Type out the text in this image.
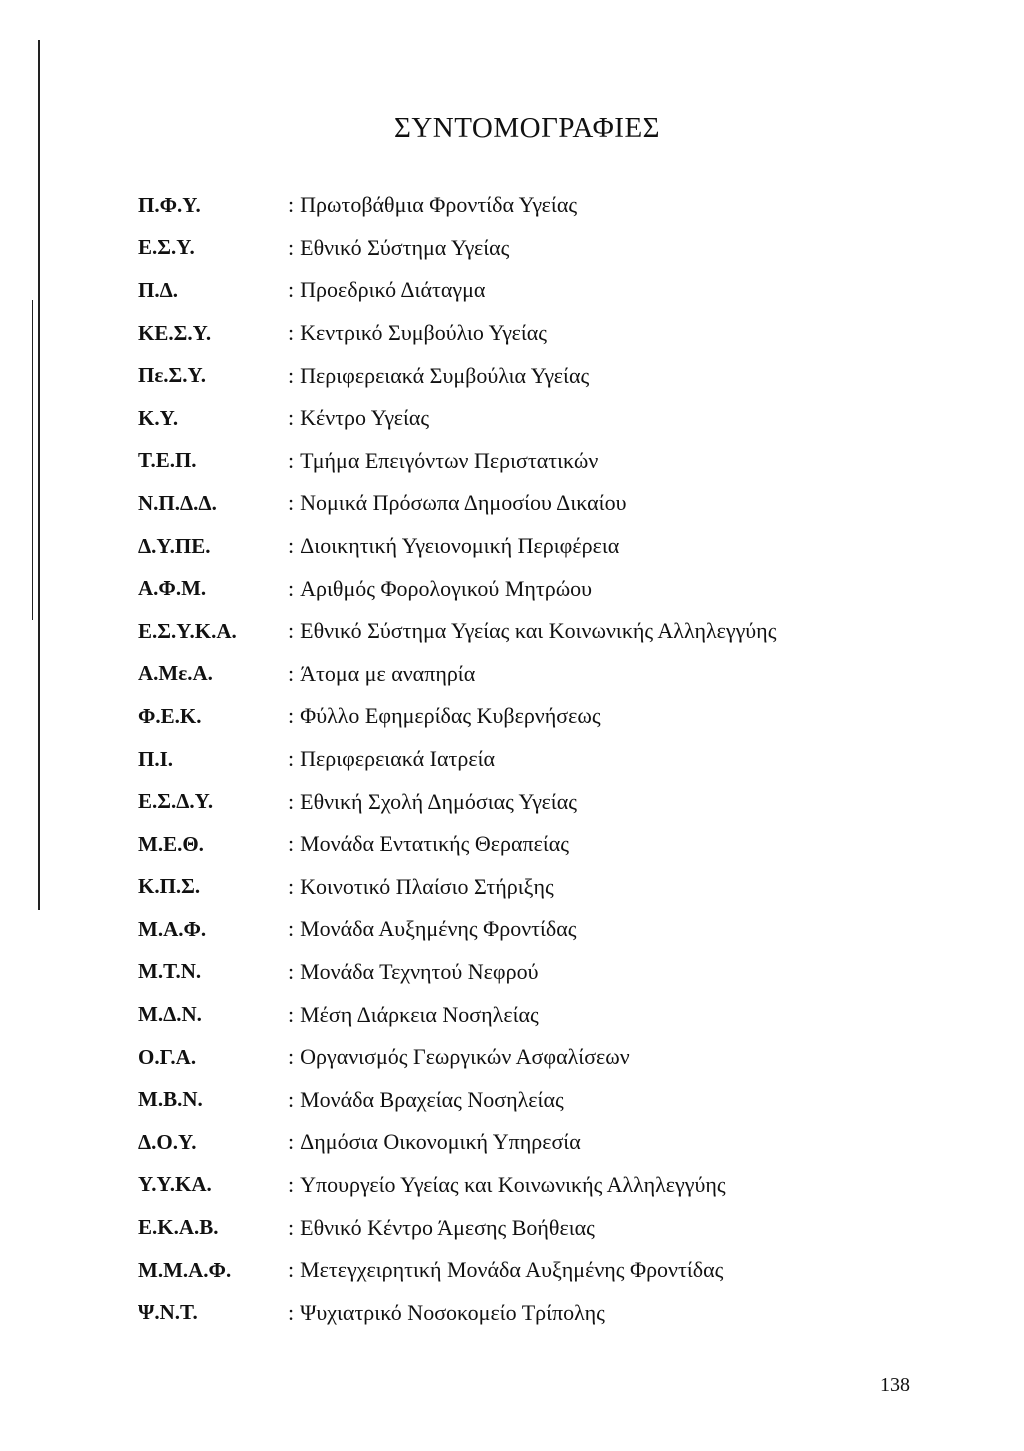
ΣΥΝΤΟΜΟΓΡΑΦΙΕΣ
Π.Φ.Υ.	: Πρωτοβάθμια Φροντίδα Υγείας
Ε.Σ.Υ.	: Εθνικό Σύστημα Υγείας
Π.Δ.	: Προεδρικό Διάταγμα
ΚΕ.Σ.Υ.	: Κεντρικό Συμβούλιο Υγείας
Πε.Σ.Υ.	: Περιφερειακά Συμβούλια Υγείας
Κ.Υ.	: Κέντρο Υγείας
Τ.Ε.Π.	: Τμήμα Επειγόντων Περιστατικών
Ν.Π.Δ.Δ.	: Νομικά Πρόσωπα Δημοσίου Δικαίου
Δ.Υ.ΠΕ.	: Διοικητική Υγειονομική Περιφέρεια
Α.Φ.Μ.	: Αριθμός Φορολογικού Μητρώου
Ε.Σ.Υ.Κ.Α.	: Εθνικό Σύστημα Υγείας και Κοινωνικής Αλληλεγγύης
Α.Με.Α.	: Άτομα με αναπηρία
Φ.Ε.Κ.	: Φύλλο Εφημερίδας Κυβερνήσεως
Π.Ι.	: Περιφερειακά Ιατρεία
Ε.Σ.Δ.Υ.	: Εθνική Σχολή Δημόσιας Υγείας
Μ.Ε.Θ.	: Μονάδα Εντατικής Θεραπείας
Κ.Π.Σ.	: Κοινοτικό Πλαίσιο Στήριξης
Μ.Α.Φ.	: Μονάδα Αυξημένης Φροντίδας
Μ.Τ.Ν.	: Μονάδα Τεχνητού Νεφρού
Μ.Δ.Ν.	: Μέση Διάρκεια Νοσηλείας
Ο.Γ.Α.	: Οργανισμός Γεωργικών Ασφαλίσεων
Μ.Β.Ν.	: Μονάδα Βραχείας Νοσηλείας
Δ.Ο.Υ.	: Δημόσια Οικονομική Υπηρεσία
Υ.Υ.ΚΑ.	: Υπουργείο Υγείας και Κοινωνικής Αλληλεγγύης
Ε.Κ.Α.Β.	: Εθνικό Κέντρο Άμεσης Βοήθειας
Μ.Μ.Α.Φ.	: Μετεγχειρητική Μονάδα Αυξημένης Φροντίδας
Ψ.Ν.Τ.	: Ψυχιατρικό Νοσοκομείο Τρίπολης
138
